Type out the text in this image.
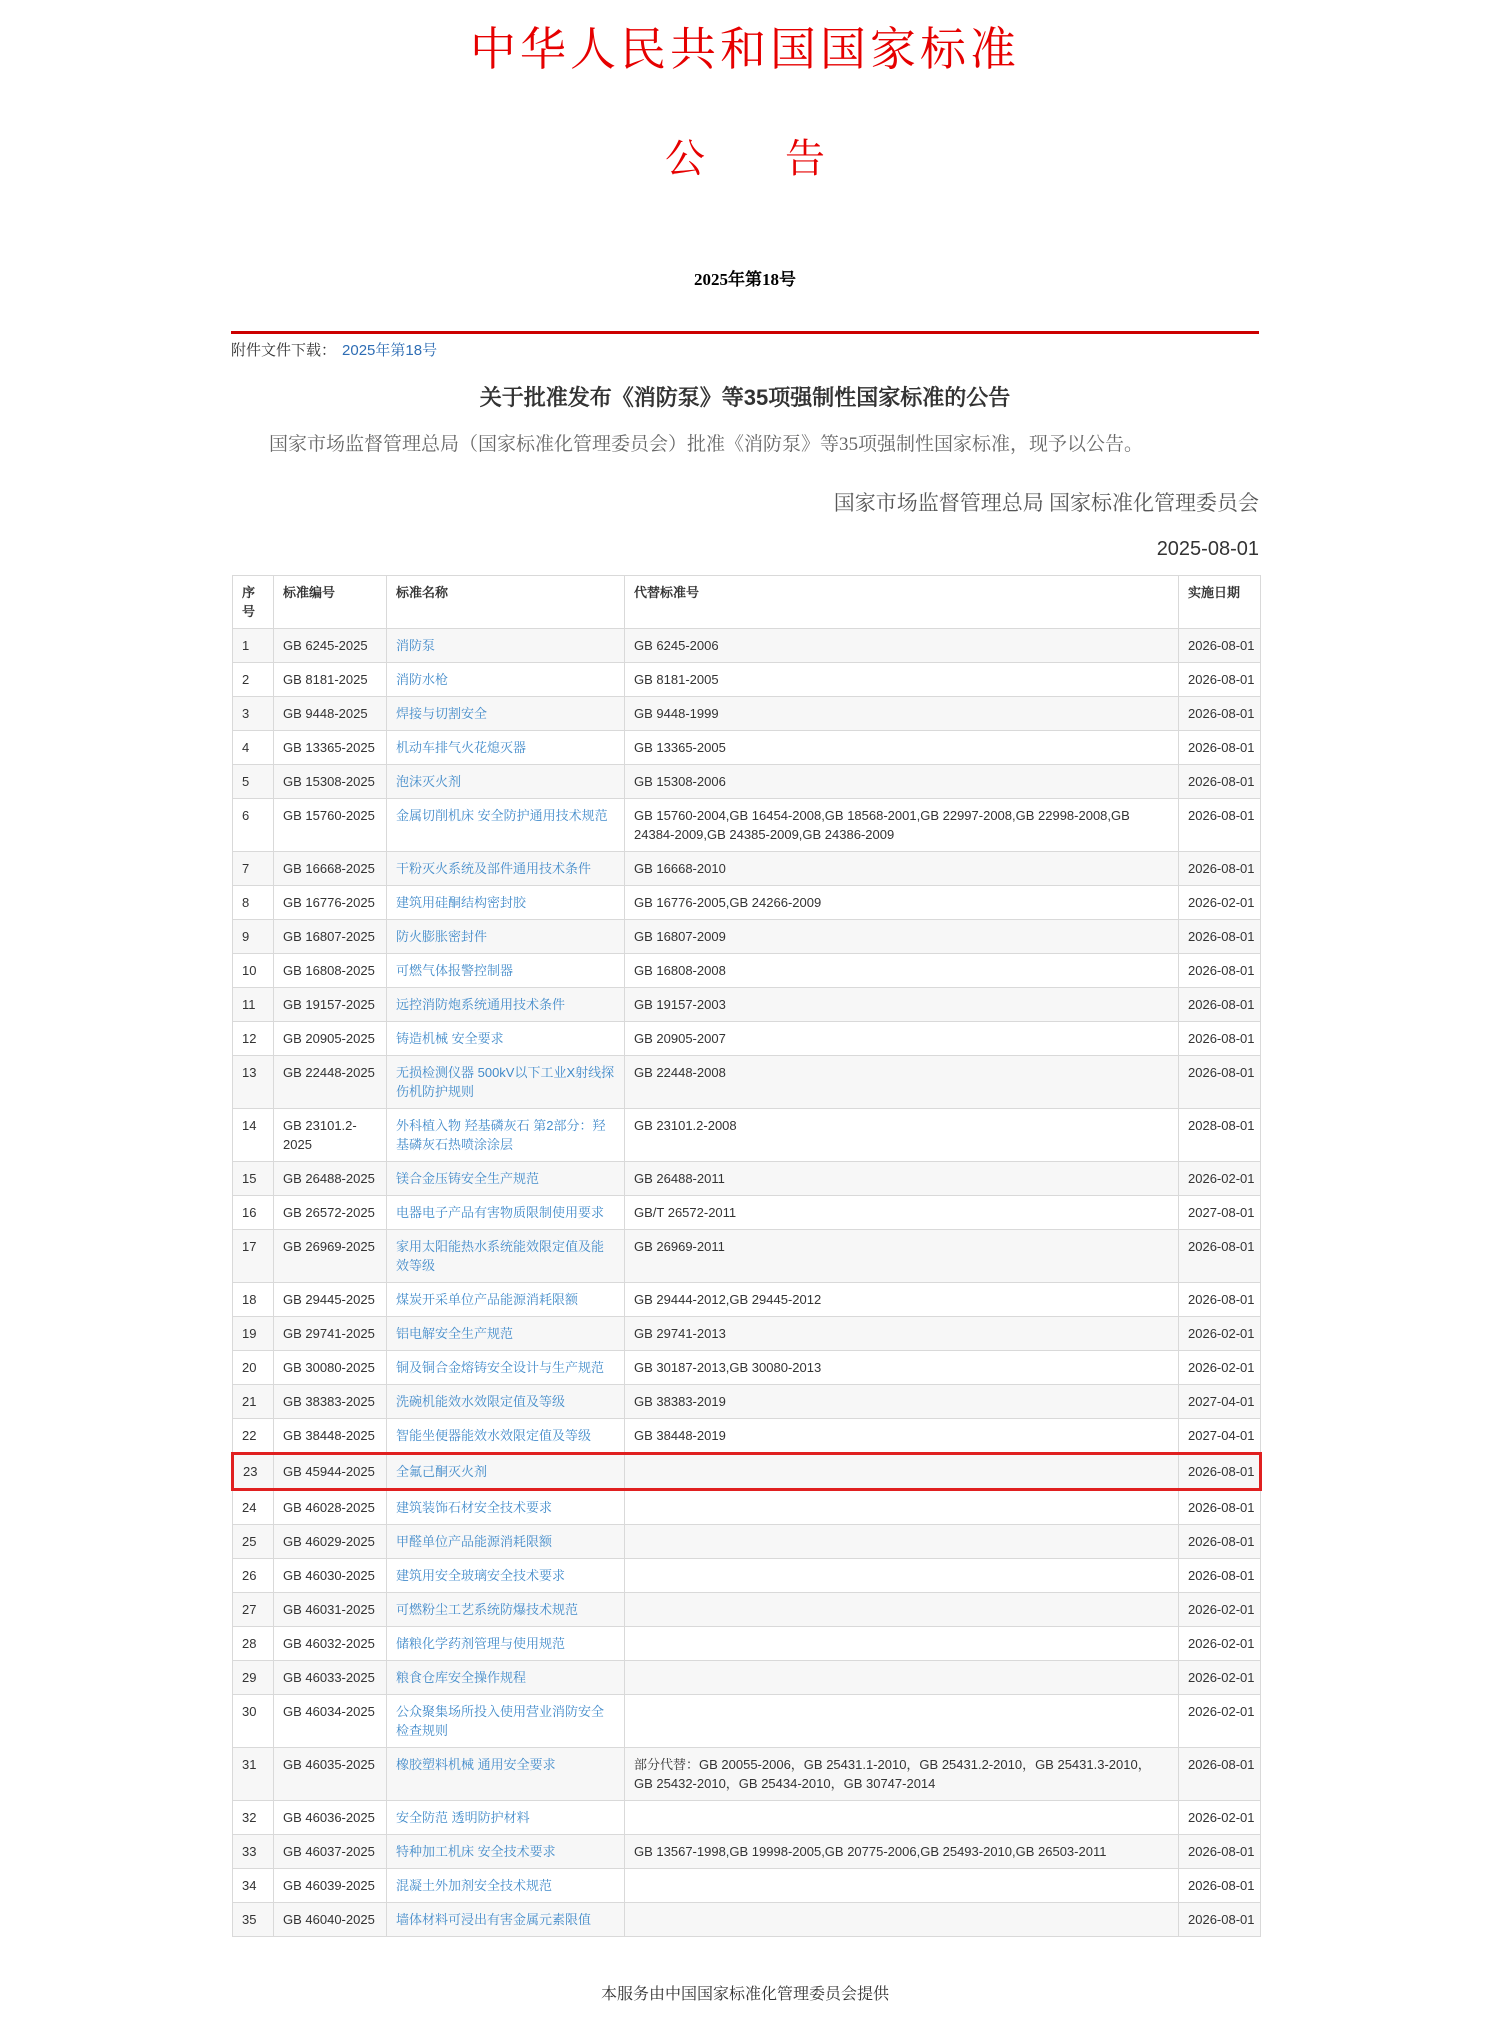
中华人民共和国国家标准
公　　告
2025年第18号
附件文件下载： 2025年第18号
关于批准发布《消防泵》等35项强制性国家标准的公告
国家市场监督管理总局（国家标准化管理委员会）批准《消防泵》等35项强制性国家标准，现予以公告。
国家市场监督管理总局 国家标准化管理委员会
2025-08-01
序号	标准编号	标准名称	代替标准号	实施日期
1	GB 6245-2025	消防泵	GB 6245-2006	2026-08-01
2	GB 8181-2025	消防水枪	GB 8181-2005	2026-08-01
3	GB 9448-2025	焊接与切割安全	GB 9448-1999	2026-08-01
4	GB 13365-2025	机动车排气火花熄灭器	GB 13365-2005	2026-08-01
5	GB 15308-2025	泡沫灭火剂	GB 15308-2006	2026-08-01
6	GB 15760-2025	金属切削机床 安全防护通用技术规范	GB 15760-2004,GB 16454-2008,GB 18568-2001,GB 22997-2008,GB 22998-2008,GB 24384-2009,GB 24385-2009,GB 24386-2009	2026-08-01
7	GB 16668-2025	干粉灭火系统及部件通用技术条件	GB 16668-2010	2026-08-01
8	GB 16776-2025	建筑用硅酮结构密封胶	GB 16776-2005,GB 24266-2009	2026-02-01
9	GB 16807-2025	防火膨胀密封件	GB 16807-2009	2026-08-01
10	GB 16808-2025	可燃气体报警控制器	GB 16808-2008	2026-08-01
11	GB 19157-2025	远控消防炮系统通用技术条件	GB 19157-2003	2026-08-01
12	GB 20905-2025	铸造机械 安全要求	GB 20905-2007	2026-08-01
13	GB 22448-2025	无损检测仪器 500kV以下工业X射线探伤机防护规则	GB 22448-2008	2026-08-01
14	GB 23101.2-2025	外科植入物 羟基磷灰石 第2部分：羟基磷灰石热喷涂涂层	GB 23101.2-2008	2028-08-01
15	GB 26488-2025	镁合金压铸安全生产规范	GB 26488-2011	2026-02-01
16	GB 26572-2025	电器电子产品有害物质限制使用要求	GB/T 26572-2011	2027-08-01
17	GB 26969-2025	家用太阳能热水系统能效限定值及能效等级	GB 26969-2011	2026-08-01
18	GB 29445-2025	煤炭开采单位产品能源消耗限额	GB 29444-2012,GB 29445-2012	2026-08-01
19	GB 29741-2025	铝电解安全生产规范	GB 29741-2013	2026-02-01
20	GB 30080-2025	铜及铜合金熔铸安全设计与生产规范	GB 30187-2013,GB 30080-2013	2026-02-01
21	GB 38383-2025	洗碗机能效水效限定值及等级	GB 38383-2019	2027-04-01
22	GB 38448-2025	智能坐便器能效水效限定值及等级	GB 38448-2019	2027-04-01
23	GB 45944-2025	全氟己酮灭火剂		2026-08-01
24	GB 46028-2025	建筑装饰石材安全技术要求		2026-08-01
25	GB 46029-2025	甲醛单位产品能源消耗限额		2026-08-01
26	GB 46030-2025	建筑用安全玻璃安全技术要求		2026-08-01
27	GB 46031-2025	可燃粉尘工艺系统防爆技术规范		2026-02-01
28	GB 46032-2025	储粮化学药剂管理与使用规范		2026-02-01
29	GB 46033-2025	粮食仓库安全操作规程		2026-02-01
30	GB 46034-2025	公众聚集场所投入使用营业消防安全检查规则		2026-02-01
31	GB 46035-2025	橡胶塑料机械 通用安全要求	部分代替：GB 20055-2006，GB 25431.1-2010，GB 25431.2-2010，GB 25431.3-2010，GB 25432-2010，GB 25434-2010，GB 30747-2014	2026-08-01
32	GB 46036-2025	安全防范 透明防护材料		2026-02-01
33	GB 46037-2025	特种加工机床 安全技术要求	GB 13567-1998,GB 19998-2005,GB 20775-2006,GB 25493-2010,GB 26503-2011	2026-08-01
34	GB 46039-2025	混凝土外加剂安全技术规范		2026-08-01
35	GB 46040-2025	墙体材料可浸出有害金属元素限值		2026-08-01
本服务由中国国家标准化管理委员会提供
